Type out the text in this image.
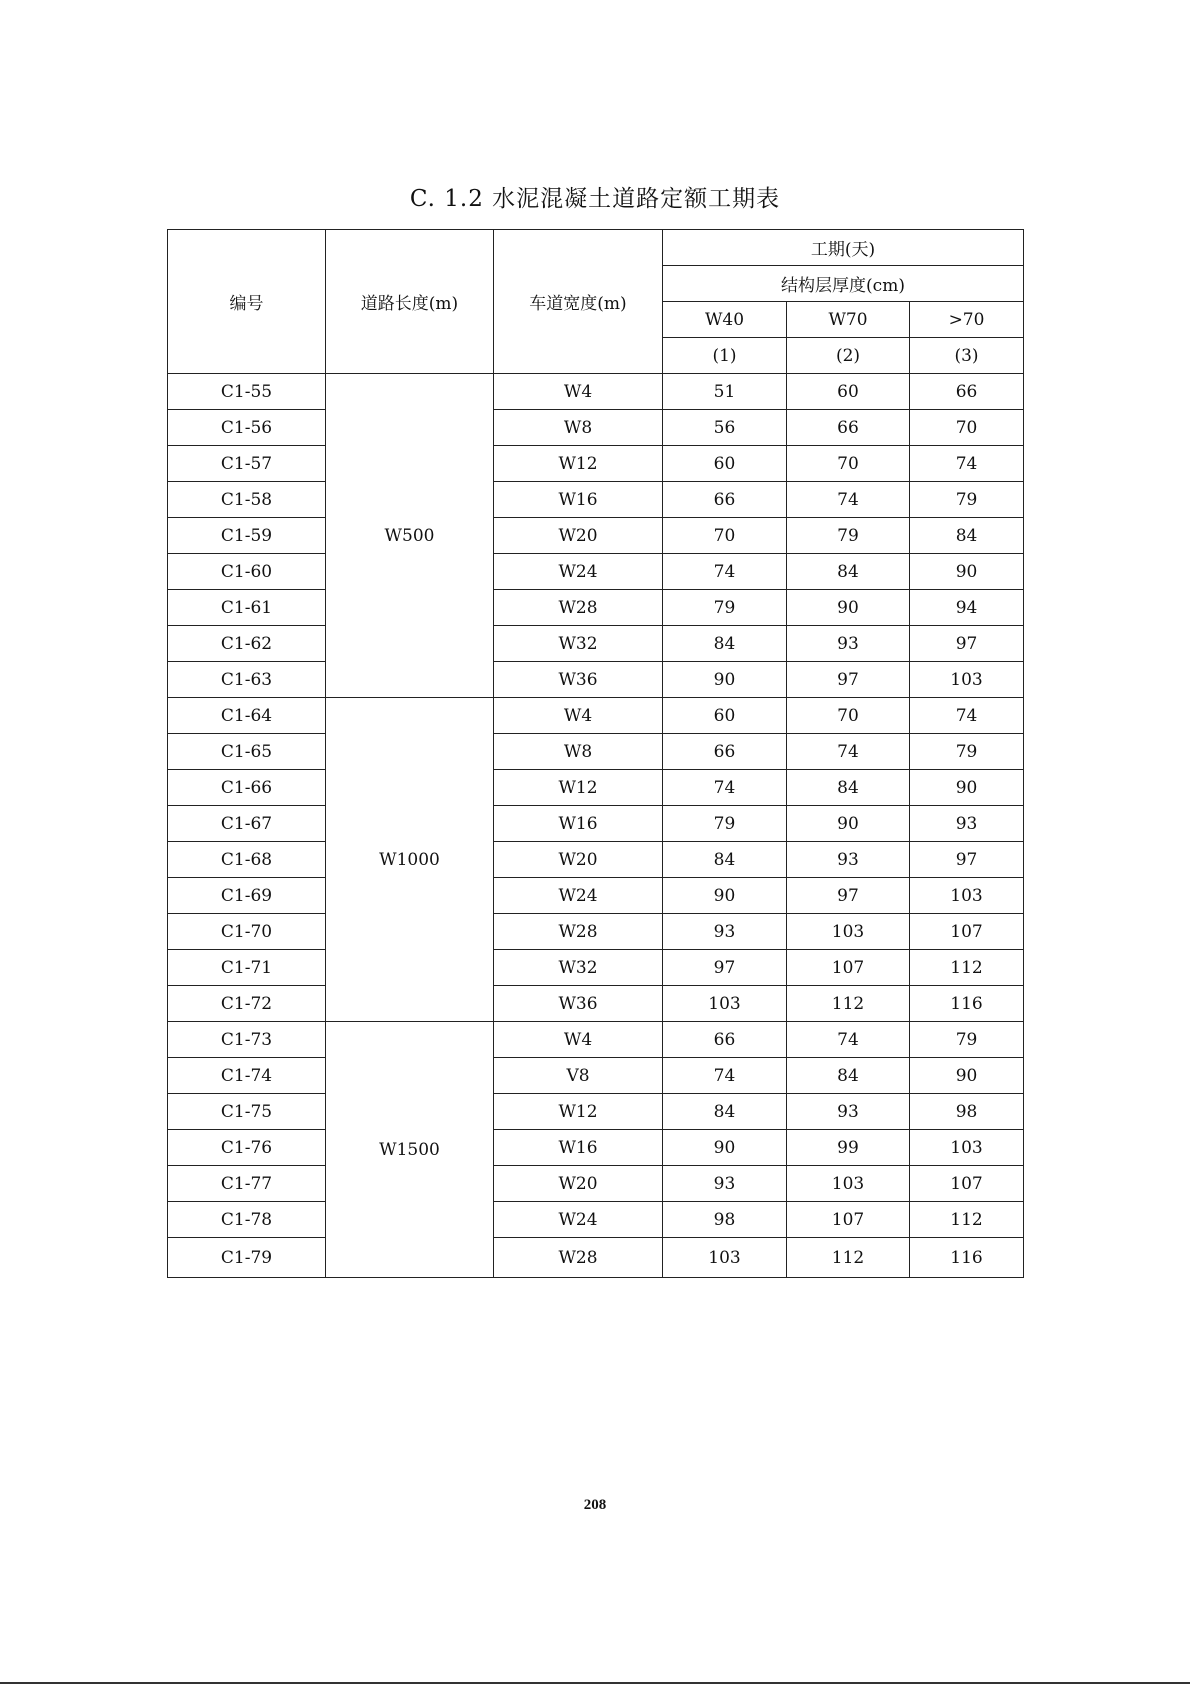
C. 1.2 水泥混凝土道路定额工期表
编号	道路长度(m)	车道宽度(m)	工期(天)		
			结构层厚度(cm)		
			W40	W70	>70
			(1)	(2)	(3)
C1-55	W500	W4	51	60	66
C1-56		W8	56	66	70
C1-57		W12	60	70	74
C1-58		W16	66	74	79
C1-59		W20	70	79	84
C1-60		W24	74	84	90
C1-61		W28	79	90	94
C1-62		W32	84	93	97
C1-63		W36	90	97	103
C1-64	W1000	W4	60	70	74
C1-65		W8	66	74	79
C1-66		W12	74	84	90
C1-67		W16	79	90	93
C1-68		W20	84	93	97
C1-69		W24	90	97	103
C1-70		W28	93	103	107
C1-71		W32	97	107	112
C1-72		W36	103	112	116
C1-73	W1500	W4	66	74	79
C1-74		V8	74	84	90
C1-75		W12	84	93	98
C1-76		W16	90	99	103
C1-77		W20	93	103	107
C1-78		W24	98	107	112
C1-79		W28	103	112	116
208
